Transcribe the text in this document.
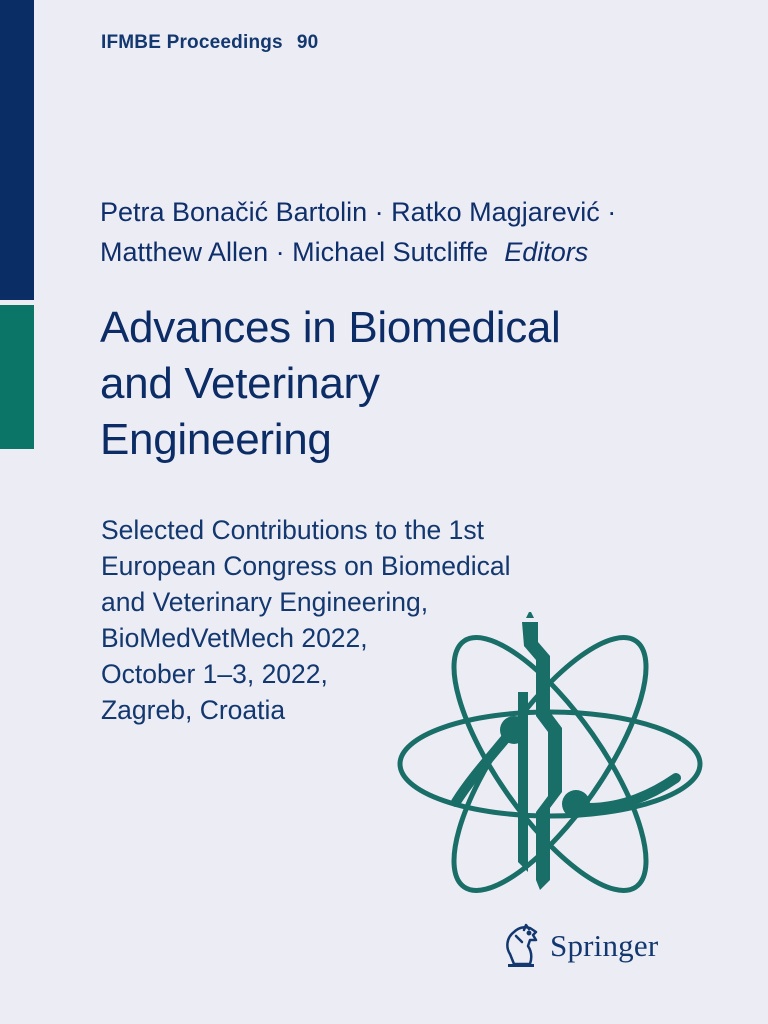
IFMBE Proceedings 90
Petra Bonačić Bartolin · Ratko Magjarević ·
Matthew Allen · Michael Sutcliffe Editors
Advances in Biomedical
and Veterinary
Engineering
Selected Contributions to the 1st
European Congress on Biomedical
and Veterinary Engineering,
BioMedVetMech 2022,
October 1–3, 2022,
Zagreb, Croatia
Springer
